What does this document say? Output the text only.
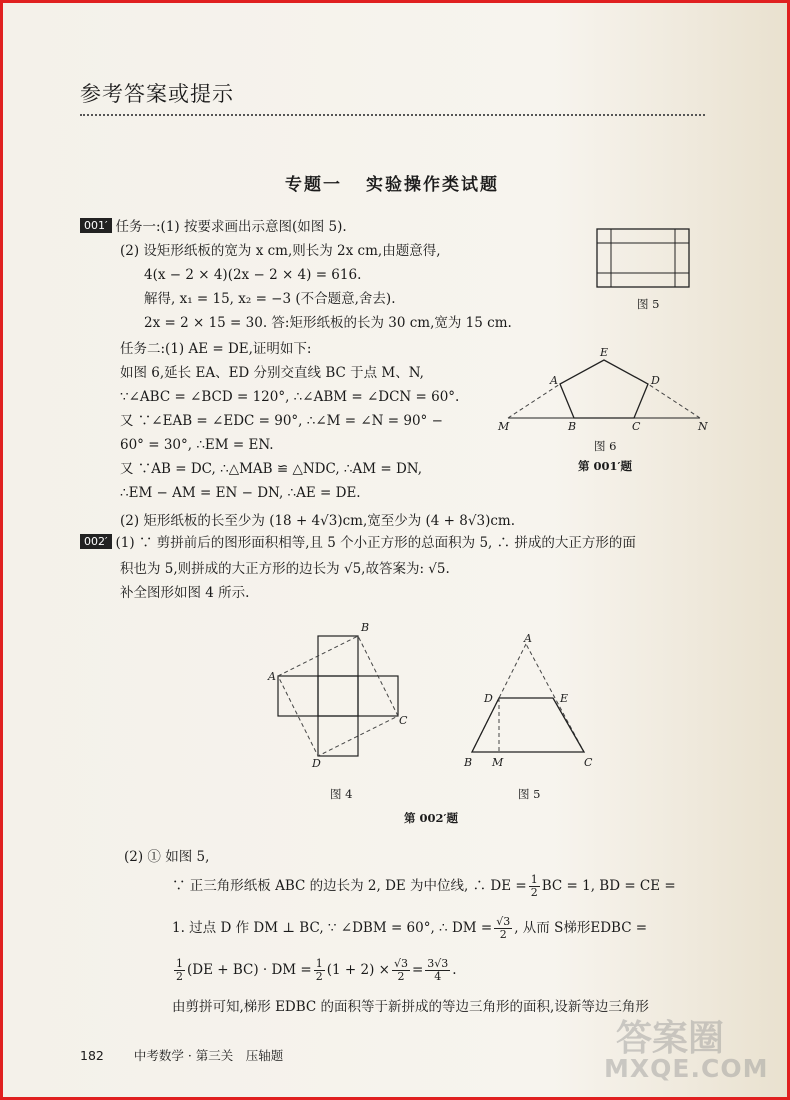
参考答案或提示
专题一 实验操作类试题
001′ 任务一:(1) 按要求画出示意图(如图 5).
(2) 设矩形纸板的宽为 x cm,则长为 2x cm,由题意得,
4(x − 2 × 4)(2x − 2 × 4) = 616.
解得, x₁ = 15, x₂ = −3 (不合题意,舍去).
2x = 2 × 15 = 30. 答:矩形纸板的长为 30 cm,宽为 15 cm.
任务二:(1) AE = DE,证明如下:
如图 6,延长 EA、ED 分别交直线 BC 于点 M、N,
∵∠ABC = ∠BCD = 120°, ∴∠ABM = ∠DCN = 60°.
又 ∵∠EAB = ∠EDC = 90°, ∴∠M = ∠N = 90° −
60° = 30°, ∴EM = EN.
又 ∵AB = DC, ∴△MAB ≌ △NDC, ∴AM = DN,
∴EM − AM = EN − DN, ∴AE = DE.
(2) 矩形纸板的长至少为 (18 + 4√3)cm,宽至少为 (4 + 8√3)cm.
图 5
E
A	D
M	B	C	N
图 6
第 001′题
002′ (1) ∵ 剪拼前后的图形面积相等,且 5 个小正方形的总面积为 5, ∴ 拼成的大正方形的面
积也为 5,则拼成的大正方形的边长为 √5,故答案为: √5.
补全图形如图 4 所示.
B
A
C
D
图 4
A
D	E
B M	C
图 5
第 002′题
(2) ① 如图 5,
∵ 正三角形纸板 ABC 的边长为 2, DE 为中位线, ∴ DE = $\frac{1}{2}$ BC = 1, BD = CE =
1. 过点 D 作 DM ⊥ BC, ∵ ∠DBM = 60°, ∴ DM = $\frac{√3}{2}$ , 从而 S梯形EDBC =
$\frac{1}{2} (DE + BC)$ · DM = $\frac{1}{2} (1 + 2) \times \frac{√3}{2} = \frac{3√3}{4}$ .
由剪拼可知,梯形 EDBC 的面积等于新拼成的等边三角形的面积,设新等边三角形
182 中考数学 · 第三关　压轴题	答案圈
MXQE.COM
